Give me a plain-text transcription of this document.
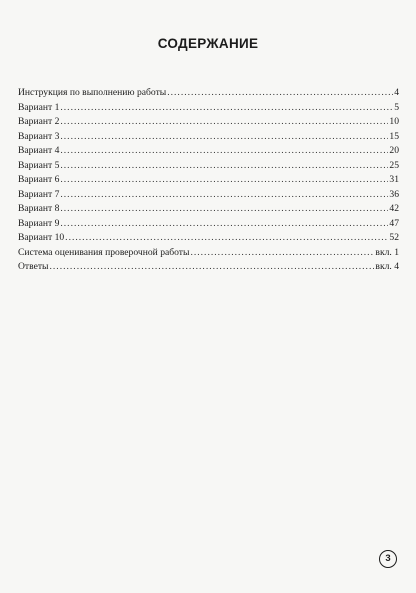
СОДЕРЖАНИЕ
Инструкция по выполнению работы .....	4
Вариант 1 .....	5
Вариант 2 .....	10
Вариант 3 .....	15
Вариант 4 .....	20
Вариант 5 .....	25
Вариант 6 .....	31
Вариант 7 .....	36
Вариант 8 .....	42
Вариант 9 .....	47
Вариант 10 .....	52
Система оценивания проверочной работы .....	вкл. 1
Ответы .....	вкл. 4
3
